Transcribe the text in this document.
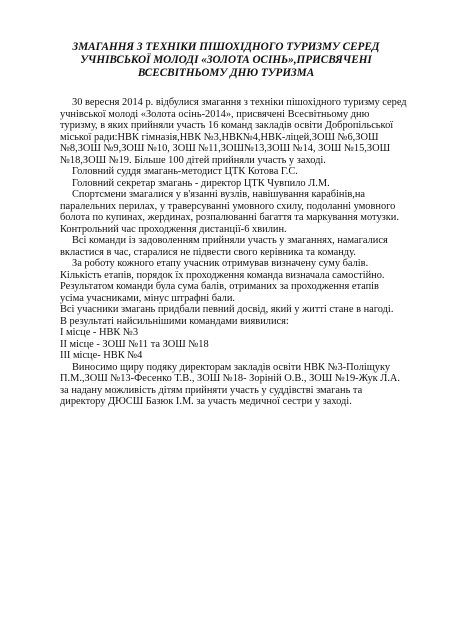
ЗМАГАННЯ З ТЕХНІКИ ПІШОХІДНОГО ТУРИЗМУ СЕРЕД
УЧНІВСЬКОЇ МОЛОДІ «ЗОЛОТА ОСІНЬ»,ПРИСВЯЧЕНІ
ВСЕСВІТНЬОМУ ДНЮ ТУРИЗМА
30 вересня 2014 р. відбулися змагання з техніки пішохідного туризму серед
учнівської молоді «Золота осінь-2014», присвячені Всесвітньому дню
туризму, в яких прийняли участь 16 команд закладів освіти Добропільської
міської ради:НВК гімназія,НВК №3,НВК№4,НВК-ліцей,ЗОШ №6,ЗОШ
№8,ЗОШ №9,ЗОШ №10, ЗОШ №11,ЗОШ№13,ЗОШ №14, ЗОШ №15,ЗОШ
№18,ЗОШ №19. Більше 100 дітей прийняли участь у заході.
Головний суддя змагань-методист ЦТК Котова Г.С.
Головний секретар змагань - директор ЦТК Чувпило Л.М.
Спортсмени змагалися у в'язанні вузлів, навішування карабінів,на
паралельних перилах, у траверсуванні умовного схилу, подоланні умовного
болота по купинах, жердинах, розпалюванні багаття та маркування мотузки.
Контрольний час проходження дистанції-6 хвилин.
Всі команди із задоволенням прийняли участь у змаганнях, намагалися
вкластися в час, старалися не підвести свого керівника та команду.
За роботу кожного етапу учасник отримував визначену суму балів.
Кількість етапів, порядок їх проходження команда визначала самостійно.
Результатом команди була сума балів, отриманих за проходження етапів
усіма учасниками, мінус штрафні бали.
Всі учасники змагань придбали певний досвід, який у житті стане в нагоді.
В результаті найсильнішими командами виявилися:
І місце - НВК №3
ІІ місце - ЗОШ №11 та ЗОШ №18
ІІІ місце- НВК №4
Виносимо щиру подяку директорам закладів освіти НВК №3-Поліщуку
П.М.,ЗОШ №13-Фесенко Т.В., ЗОШ №18- Зоріній О.В., ЗОШ №19-Жук Л.А.
за надану можливість дітям прийняти участь у суддівстві змагань та
директору ДЮСШ Базюк І.М. за участь медичної сестри у заході.
